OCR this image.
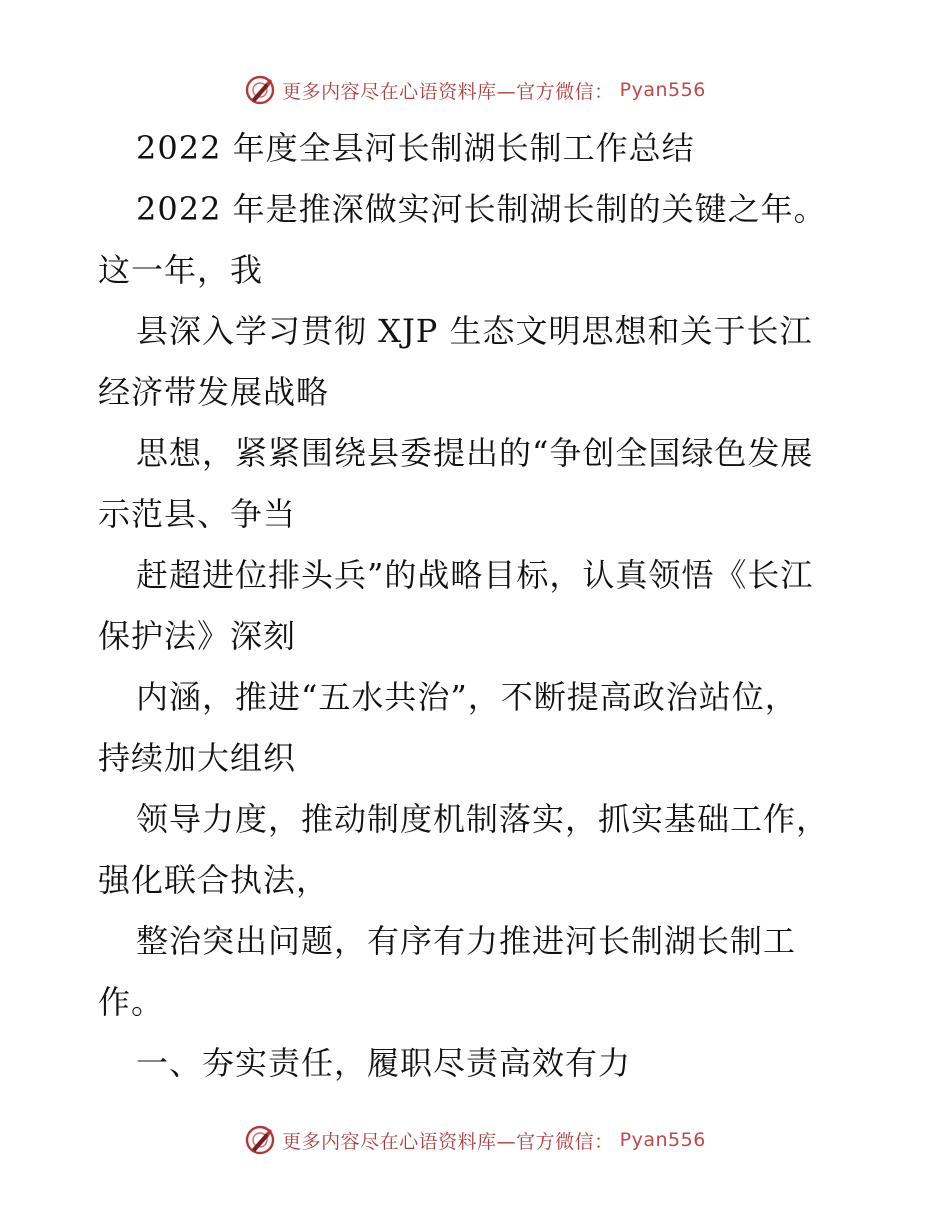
更多内容尽在心语资料库—官方微信： Pyan556
2022 年度全县河长制湖长制工作总结
2022 年是推深做实河长制湖长制的关键之年。
这一年，我
县深入学习贯彻 XJP 生态文明思想和关于长江
经济带发展战略
思想，紧紧围绕县委提出的“争创全国绿色发展
示范县、争当
赶超进位排头兵”的战略目标，认真领悟《长江
保护法》深刻
内涵，推进“五水共治”，不断提高政治站位，
持续加大组织
领导力度，推动制度机制落实，抓实基础工作，
强化联合执法，
整治突出问题，有序有力推进河长制湖长制工
作。
一、夯实责任，履职尽责高效有力
更多内容尽在心语资料库—官方微信： Pyan556
